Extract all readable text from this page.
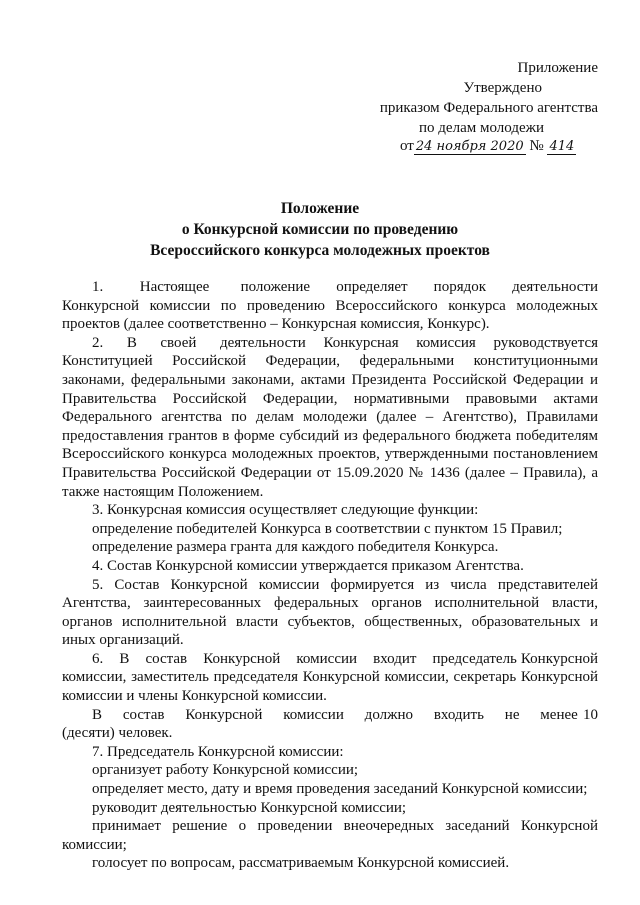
Приложение
Утверждено
приказом Федерального агентства
по делам молодежи
от 24 ноября 2020 № 414
Положение
о Конкурсной комиссии по проведению
Всероссийского конкурса молодежных проектов

1.       Настоящее      положение     определяет     порядок     деятельности Конкурсной комиссии по проведению Всероссийского конкурса молодежных проектов (далее соответственно – Конкурсная комиссия, Конкурс).

2.    В    своей    деятельности   Конкурсная   комиссия   руководствуется Конституцией Российской Федерации, федеральными конституционными законами, федеральными законами, актами Президента Российской Федерации и Правительства Российской Федерации, нормативными правовыми актами Федерального агентства по делам молодежи (далее – Агентство), Правилами предоставления грантов в форме субсидий из федерального бюджета победителям Всероссийского конкурса молодежных проектов, утвержденными постановлением Правительства Российской Федерации от 15.09.2020 № 1436 (далее – Правила), а также настоящим Положением.

3. Конкурсная комиссия осуществляет следующие функции:

определение победителей Конкурса в соответствии с пунктом 15 Правил;

определение размера гранта для каждого победителя Конкурса.

4. Состав Конкурсной комиссии утверждается приказом Агентства.

5. Состав Конкурсной комиссии формируется из числа представителей Агентства, заинтересованных федеральных органов исполнительной власти, органов исполнительной власти субъектов, общественных, образовательных и иных организаций.

6.    В    состав    Конкурсной    комиссии    входит    председатель Конкурсной комиссии, заместитель председателя Конкурсной комиссии, секретарь Конкурсной комиссии и члены Конкурсной комиссии.

В    состав    Конкурсной    комиссии    должно    входить    не    менее 10 (десяти) человек.

7. Председатель Конкурсной комиссии:

организует работу Конкурсной комиссии;

определяет место, дату и время проведения заседаний Конкурсной комиссии;

руководит деятельностью Конкурсной комиссии;

принимает решение о проведении внеочередных заседаний Конкурсной комиссии;

голосует по вопросам, рассматриваемым Конкурсной комиссией.
